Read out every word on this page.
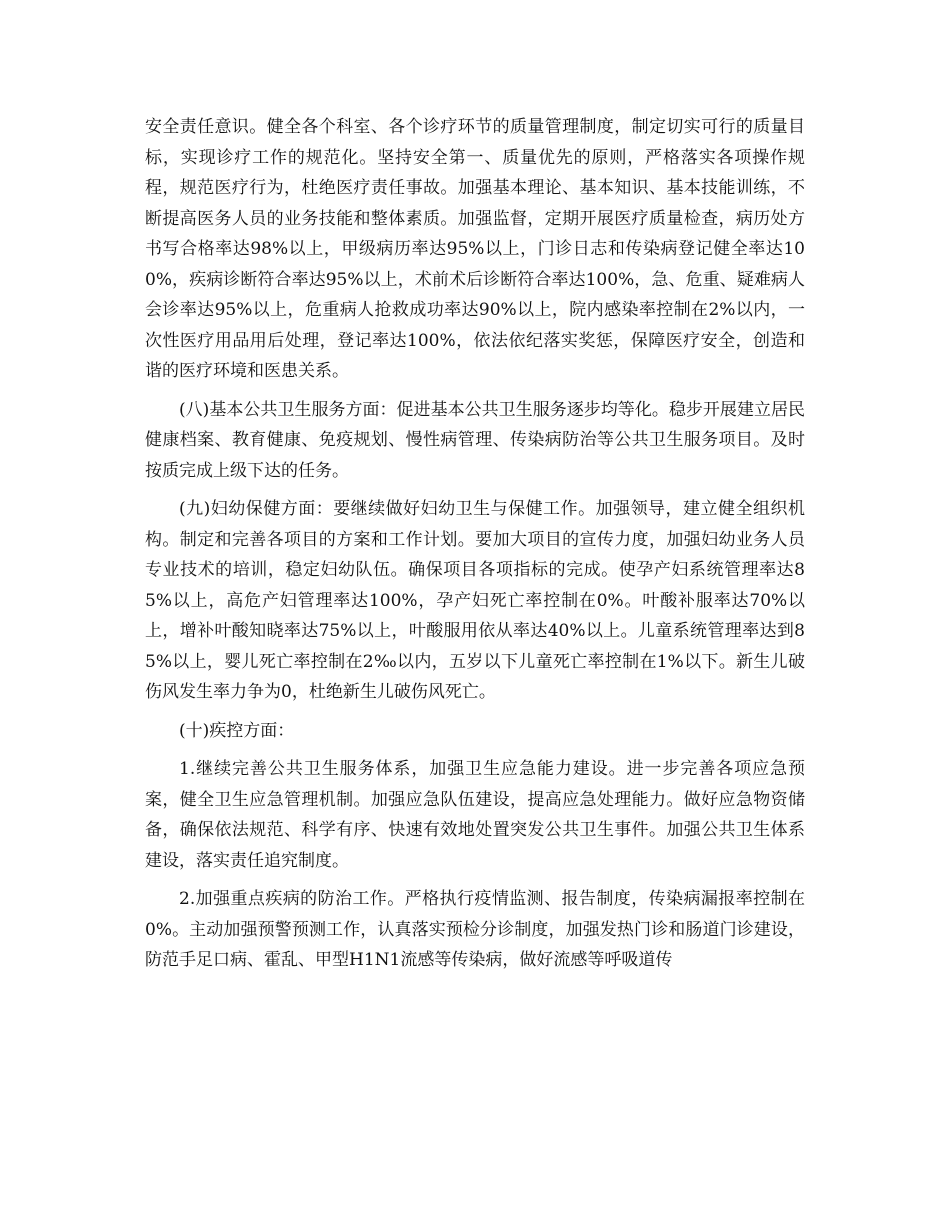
安全责任意识。健全各个科室、各个诊疗环节的质量管理制度，制定切实可行的质量目标，实现诊疗工作的规范化。坚持安全第一、质量优先的原则，严格落实各项操作规程，规范医疗行为，杜绝医疗责任事故。加强基本理论、基本知识、基本技能训练，不断提高医务人员的业务技能和整体素质。加强监督，定期开展医疗质量检查，病历处方书写合格率达98%以上，甲级病历率达95%以上，门诊日志和传染病登记健全率达100%，疾病诊断符合率达95%以上，术前术后诊断符合率达100%，急、危重、疑难病人会诊率达95%以上，危重病人抢救成功率达90%以上，院内感染率控制在2%以内，一次性医疗用品用后处理，登记率达100%，依法依纪落实奖惩，保障医疗安全，创造和谐的医疗环境和医患关系。

(八)基本公共卫生服务方面：促进基本公共卫生服务逐步均等化。稳步开展建立居民健康档案、教育健康、免疫规划、慢性病管理、传染病防治等公共卫生服务项目。及时按质完成上级下达的任务。

(九)妇幼保健方面：要继续做好妇幼卫生与保健工作。加强领导，建立健全组织机构。制定和完善各项目的方案和工作计划。要加大项目的宣传力度，加强妇幼业务人员专业技术的培训，稳定妇幼队伍。确保项目各项指标的完成。使孕产妇系统管理率达85%以上，高危产妇管理率达100%，孕产妇死亡率控制在0%。叶酸补服率达70%以上，增补叶酸知晓率达75%以上，叶酸服用依从率达40%以上。儿童系统管理率达到85%以上，婴儿死亡率控制在2‰以内，五岁以下儿童死亡率控制在1%以下。新生儿破伤风发生率力争为0，杜绝新生儿破伤风死亡。

(十)疾控方面：

1.继续完善公共卫生服务体系，加强卫生应急能力建设。进一步完善各项应急预案，健全卫生应急管理机制。加强应急队伍建设，提高应急处理能力。做好应急物资储备，确保依法规范、科学有序、快速有效地处置突发公共卫生事件。加强公共卫生体系建设，落实责任追究制度。

2.加强重点疾病的防治工作。严格执行疫情监测、报告制度，传染病漏报率控制在0%。主动加强预警预测工作，认真落实预检分诊制度，加强发热门诊和肠道门诊建设，防范手足口病、霍乱、甲型H1N1流感等传染病，做好流感等呼吸道传
